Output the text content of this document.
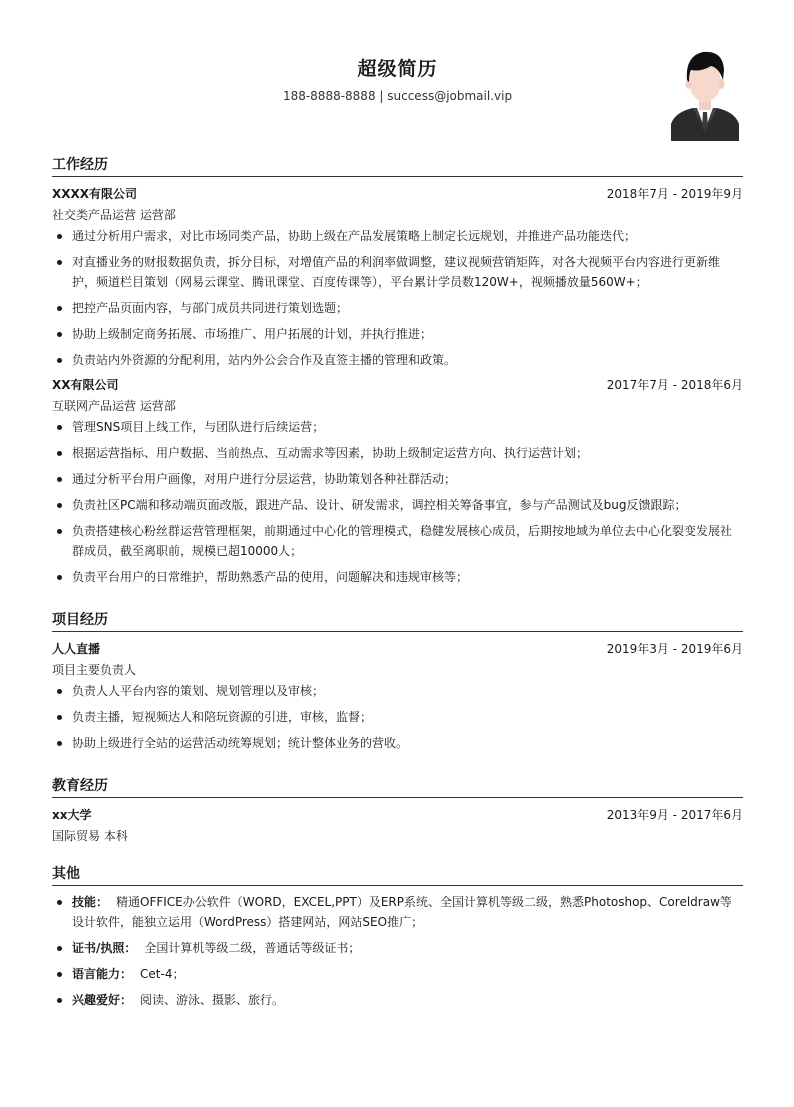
超级简历
188-8888-8888 | success@jobmail.vip
工作经历
XXXX有限公司	2018年7月 - 2019年9月
社交类产品运营 运营部
通过分析用户需求，对比市场同类产品，协助上级在产品发展策略上制定长远规划，并推进产品功能迭代；
对直播业务的财报数据负责，拆分目标，对增值产品的利润率做调整，建议视频营销矩阵，对各大视频平台内容进行更新维护，频道栏目策划（网易云课堂、腾讯课堂、百度传课等），平台累计学员数120W+，视频播放量560W+；
把控产品页面内容，与部门成员共同进行策划选题；
协助上级制定商务拓展、市场推广、用户拓展的计划，并执行推进；
负责站内外资源的分配利用，站内外公会合作及直签主播的管理和政策。
XX有限公司	2017年7月 - 2018年6月
互联网产品运营 运营部
管理SNS项目上线工作，与团队进行后续运营；
根据运营指标、用户数据、当前热点、互动需求等因素，协助上级制定运营方向、执行运营计划；
通过分析平台用户画像，对用户进行分层运营，协助策划各种社群活动；
负责社区PC端和移动端页面改版，跟进产品、设计、研发需求，调控相关筹备事宜，参与产品测试及bug反馈跟踪；
负责搭建核心粉丝群运营管理框架，前期通过中心化的管理模式，稳健发展核心成员，后期按地域为单位去中心化裂变发展社群成员，截至离职前，规模已超10000人；
负责平台用户的日常维护，帮助熟悉产品的使用，问题解决和违规审核等；
项目经历
人人直播	2019年3月 - 2019年6月
项目主要负责人
负责人人平台内容的策划、规划管理以及审核；
负责主播，短视频达人和陪玩资源的引进，审核，监督；
协助上级进行全站的运营活动统筹规划；统计整体业务的营收。
教育经历
xx大学	2013年9月 - 2017年6月
国际贸易 本科
其他
技能： 精通OFFICE办公软件（WORD，EXCEL,PPT）及ERP系统、全国计算机等级二级，熟悉Photoshop、Coreldraw等设计软件，能独立运用（WordPress）搭建网站，网站SEO推广；
证书/执照： 全国计算机等级二级，普通话等级证书；
语言能力： Cet-4；
兴趣爱好： 阅读、游泳、摄影、旅行。
